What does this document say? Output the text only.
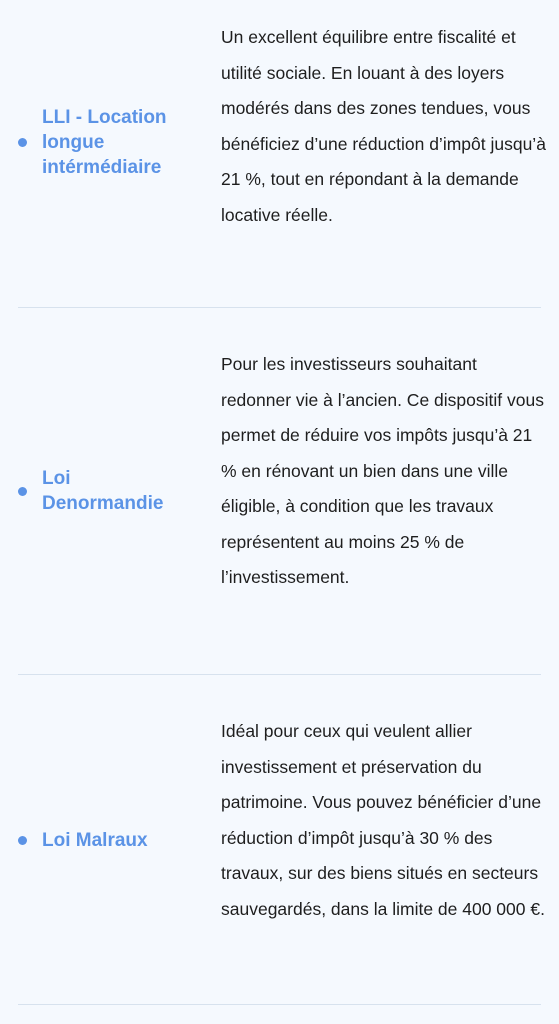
LLI - Location longue intérmédiaire
Un excellent équilibre entre fiscalité et utilité sociale. En louant à des loyers modérés dans des zones tendues, vous bénéficiez d’une réduction d’impôt jusqu’à 21 %, tout en répondant à la demande locative réelle.
Loi Denormandie
Pour les investisseurs souhaitant redonner vie à l’ancien. Ce dispositif vous permet de réduire vos impôts jusqu’à 21 % en rénovant un bien dans une ville éligible, à condition que les travaux représentent au moins 25 % de l’investissement.
Loi Malraux
Idéal pour ceux qui veulent allier investissement et préservation du patrimoine. Vous pouvez bénéficier d’une réduction d’impôt jusqu’à 30 % des travaux, sur des biens situés en secteurs sauvegardés, dans la limite de 400 000 €.
